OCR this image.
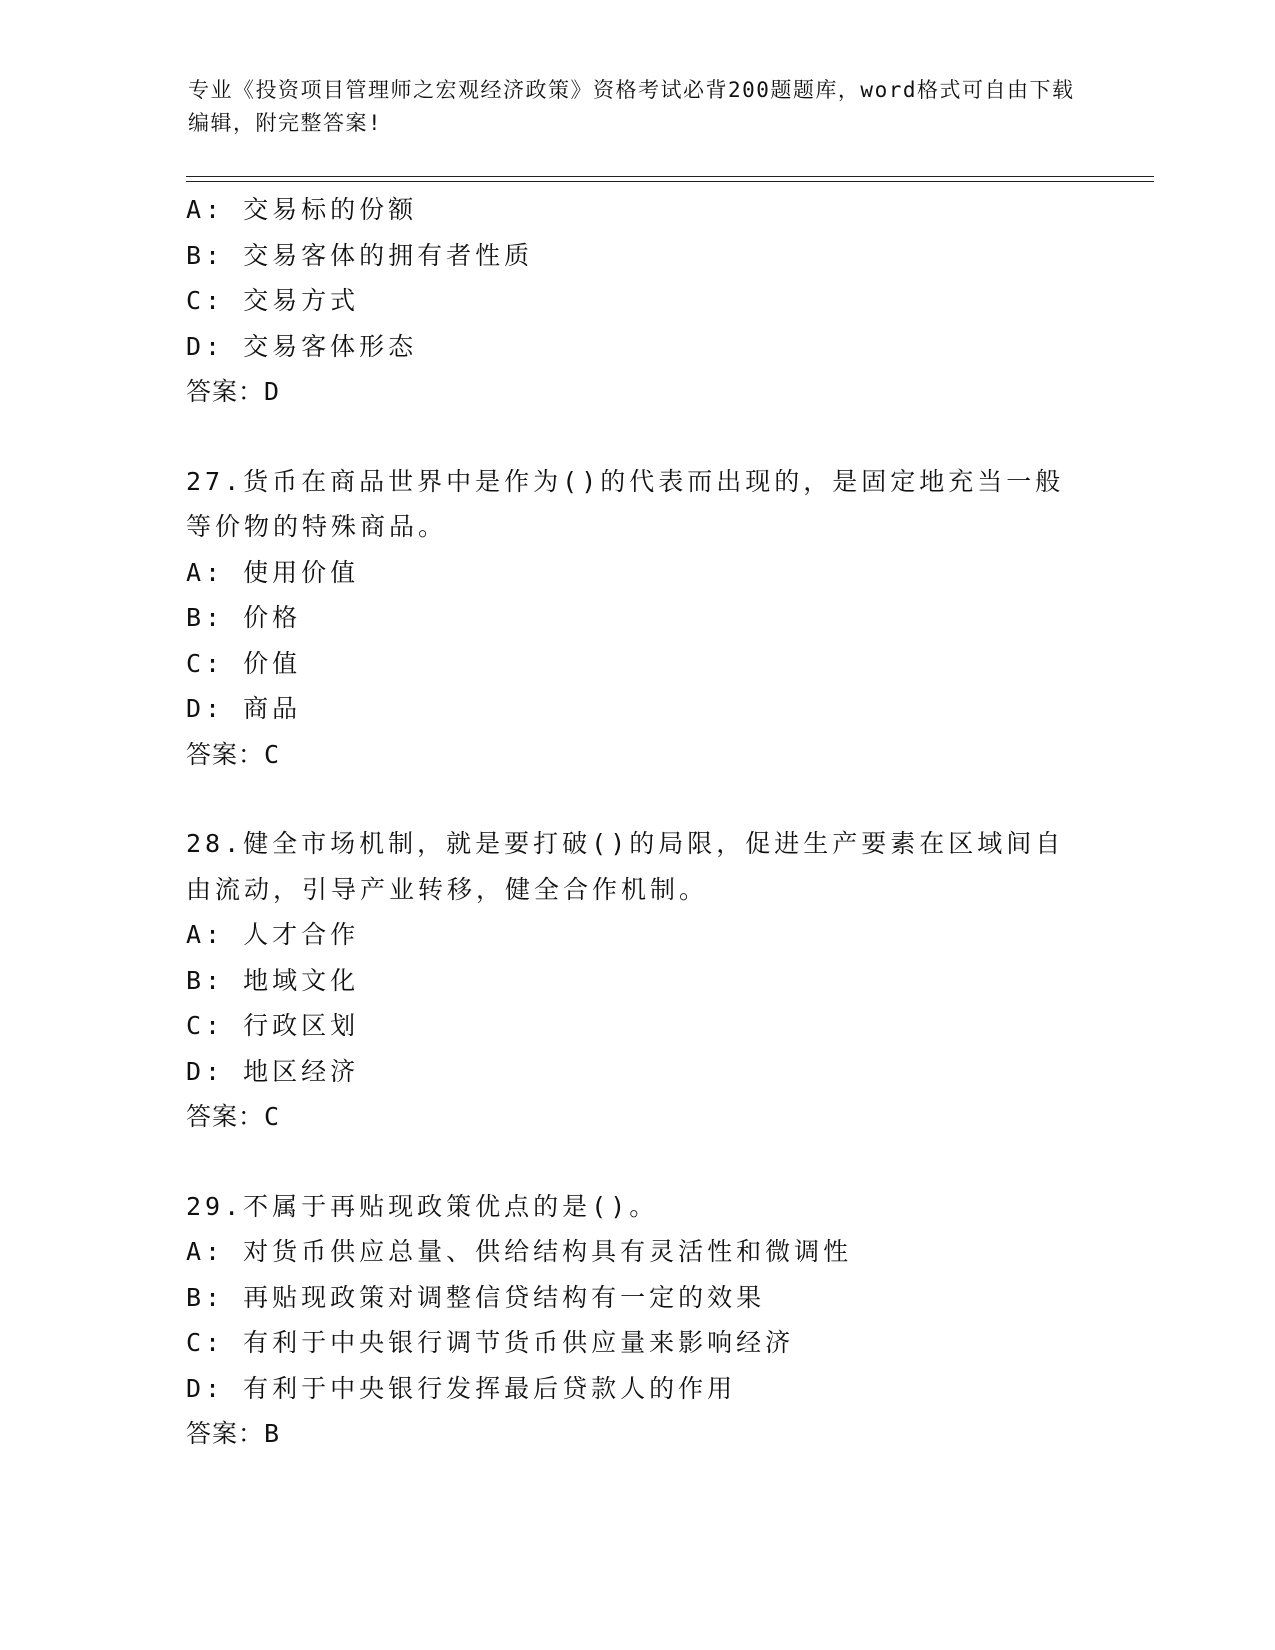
专业《投资项目管理师之宏观经济政策》资格考试必背200题题库，word格式可自由下载编辑，附完整答案!
A: 交易标的份额
B: 交易客体的拥有者性质
C: 交易方式
D: 交易客体形态
答案：D
27.货币在商品世界中是作为()的代表而出现的，是固定地充当一般等价物的特殊商品。
A: 使用价值
B: 价格
C: 价值
D: 商品
答案：C
28.健全市场机制，就是要打破()的局限，促进生产要素在区域间自由流动，引导产业转移，健全合作机制。
A: 人才合作
B: 地域文化
C: 行政区划
D: 地区经济
答案：C
29.不属于再贴现政策优点的是()。
A: 对货币供应总量、供给结构具有灵活性和微调性
B: 再贴现政策对调整信贷结构有一定的效果
C: 有利于中央银行调节货币供应量来影响经济
D: 有利于中央银行发挥最后贷款人的作用
答案：B
